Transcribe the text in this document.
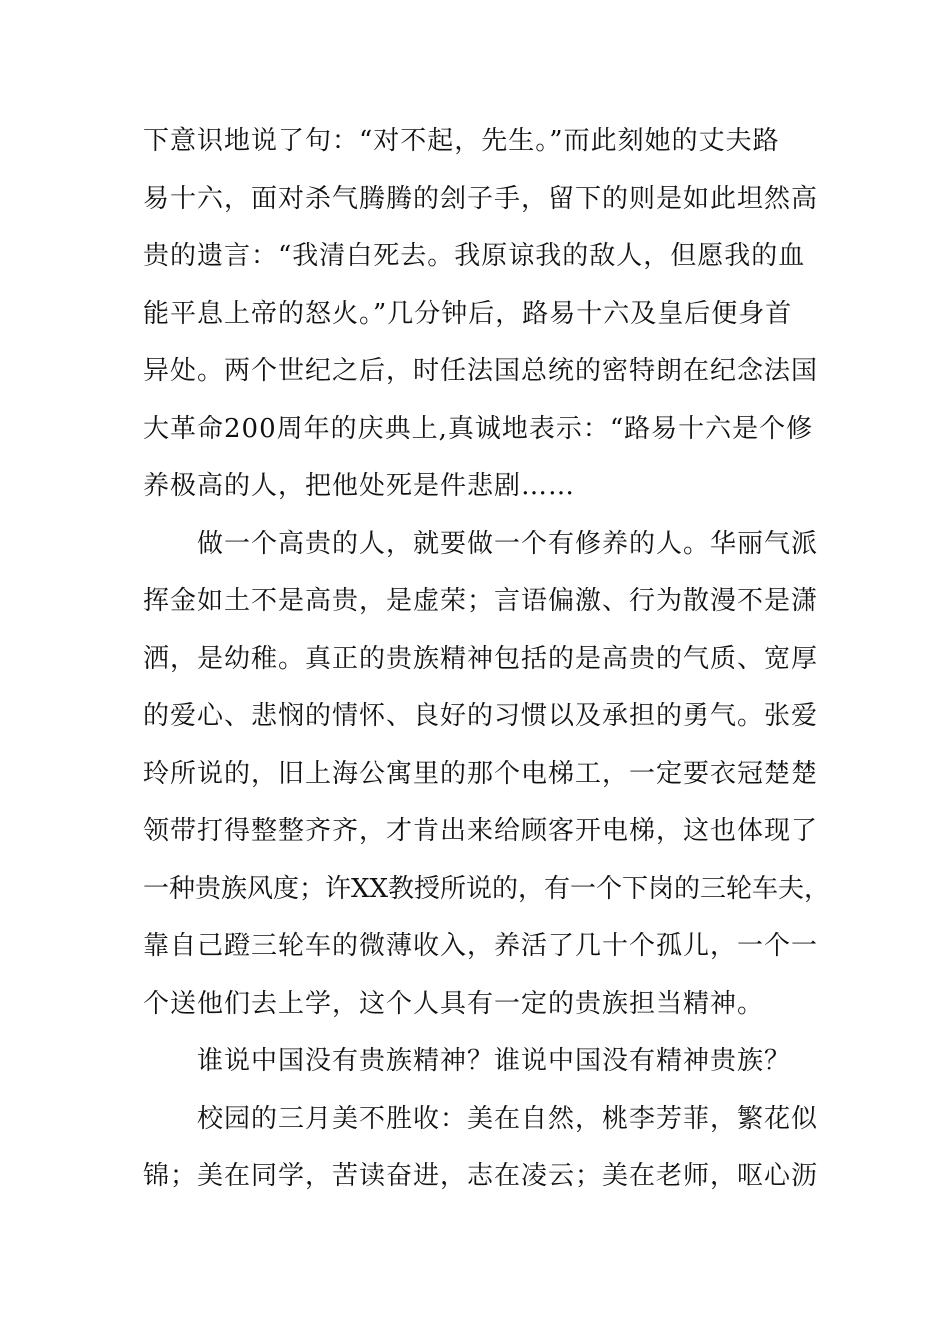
下意识地说了句：“对不起，先生。”而此刻她的丈夫路
易十六，面对杀气腾腾的刽子手，留下的则是如此坦然高
贵的遗言：“我清白死去。我原谅我的敌人，但愿我的血
能平息上帝的怒火。”几分钟后，路易十六及皇后便身首
异处。两个世纪之后，时任法国总统的密特朗在纪念法国
大革命200周年的庆典上,真诚地表示：“路易十六是个修
养极高的人，把他处死是件悲剧……
做一个高贵的人，就要做一个有修养的人。华丽气派
挥金如土不是高贵，是虚荣；言语偏激、行为散漫不是潇
洒，是幼稚。真正的贵族精神包括的是高贵的气质、宽厚
的爱心、悲悯的情怀、良好的习惯以及承担的勇气。张爱
玲所说的，旧上海公寓里的那个电梯工，一定要衣冠楚楚
领带打得整整齐齐，才肯出来给顾客开电梯，这也体现了
一种贵族风度；许XX教授所说的，有一个下岗的三轮车夫，
靠自己蹬三轮车的微薄收入，养活了几十个孤儿，一个一
个送他们去上学，这个人具有一定的贵族担当精神。
谁说中国没有贵族精神？谁说中国没有精神贵族？
校园的三月美不胜收：美在自然，桃李芳菲，繁花似
锦；美在同学，苦读奋进，志在凌云；美在老师，呕心沥
